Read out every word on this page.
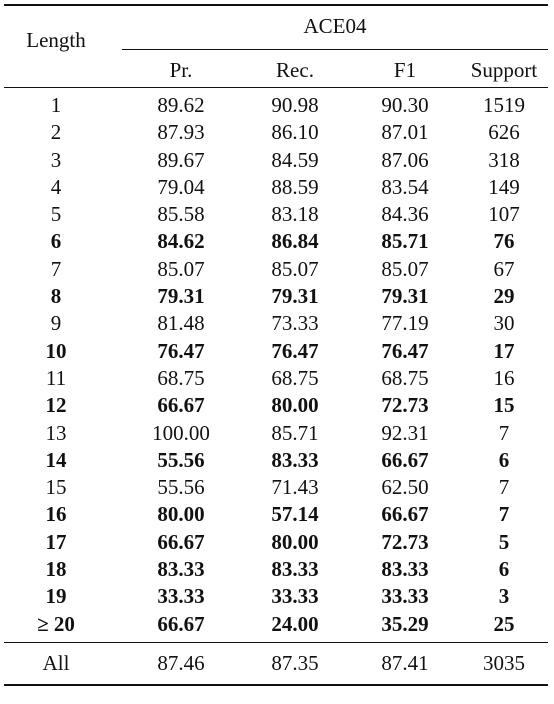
Length
ACE04
Pr.	Rec.	F1	Support
1	89.62	90.98	90.30	1519
2	87.93	86.10	87.01	626
3	89.67	84.59	87.06	318
4	79.04	88.59	83.54	149
5	85.58	83.18	84.36	107
6	84.62	86.84	85.71	76
7	85.07	85.07	85.07	67
8	79.31	79.31	79.31	29
9	81.48	73.33	77.19	30
10	76.47	76.47	76.47	17
11	68.75	68.75	68.75	16
12	66.67	80.00	72.73	15
13	100.00	85.71	92.31	7
14	55.56	83.33	66.67	6
15	55.56	71.43	62.50	7
16	80.00	57.14	66.67	7
17	66.67	80.00	72.73	5
18	83.33	83.33	83.33	6
19	33.33	33.33	33.33	3
≥ 20	66.67	24.00	35.29	25
All	87.46	87.35	87.41	3035
